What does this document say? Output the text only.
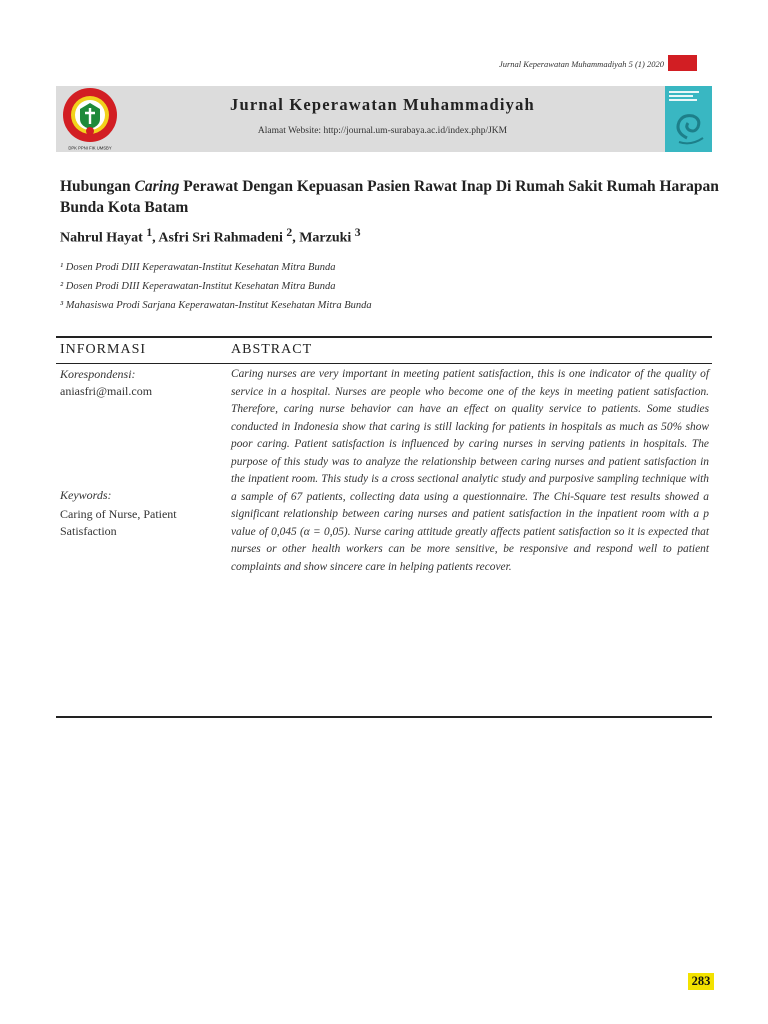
Jurnal Keperawatan Muhammadiyah 5 (1) 2020
DPK PPNI FIK UMSBY
Jurnal Keperawatan Muhammadiyah
Alamat Website: http://journal.um-surabaya.ac.id/index.php/JKM
Hubungan Caring Perawat Dengan Kepuasan Pasien Rawat Inap Di Rumah Sakit Rumah Harapan Bunda Kota Batam
Nahrul Hayat $^1$, Asfri Sri Rahmadeni $^2$, Marzuki $^3$
¹ Dosen Prodi DIII Keperawatan-Institut Kesehatan Mitra Bunda
² Dosen Prodi DIII Keperawatan-Institut Kesehatan Mitra Bunda
³ Mahasiswa Prodi Sarjana Keperawatan-Institut Kesehatan Mitra Bunda
INFORMASI	ABSTRACT
Korespondensi:
aniasfri@mail.com
Keywords:
Caring of Nurse, Patient Satisfaction
Caring nurses are very important in meeting patient satisfaction, this is one indicator of the quality of service in a hospital. Nurses are people who become one of the keys in meeting patient satisfaction. Therefore, caring nurse behavior can have an effect on quality service to patients. Some studies conducted in Indonesia show that caring is still lacking for patients in hospitals as much as 50% show poor caring. Patient satisfaction is influenced by caring nurses in serving patients in hospitals. The purpose of this study was to analyze the relationship between caring nurses and patient satisfaction in the inpatient room. This study is a cross sectional analytic study and purposive sampling technique with a sample of 67 patients, collecting data using a questionnaire. The Chi-Square test results showed a significant relationship between caring nurses and patient satisfaction in the inpatient room with a p value of 0,045 (α = 0,05). Nurse caring attitude greatly affects patient satisfaction so it is expected that nurses or other health workers can be more sensitive, be responsive and respond well to patient complaints and show sincere care in helping patients recover.
283
